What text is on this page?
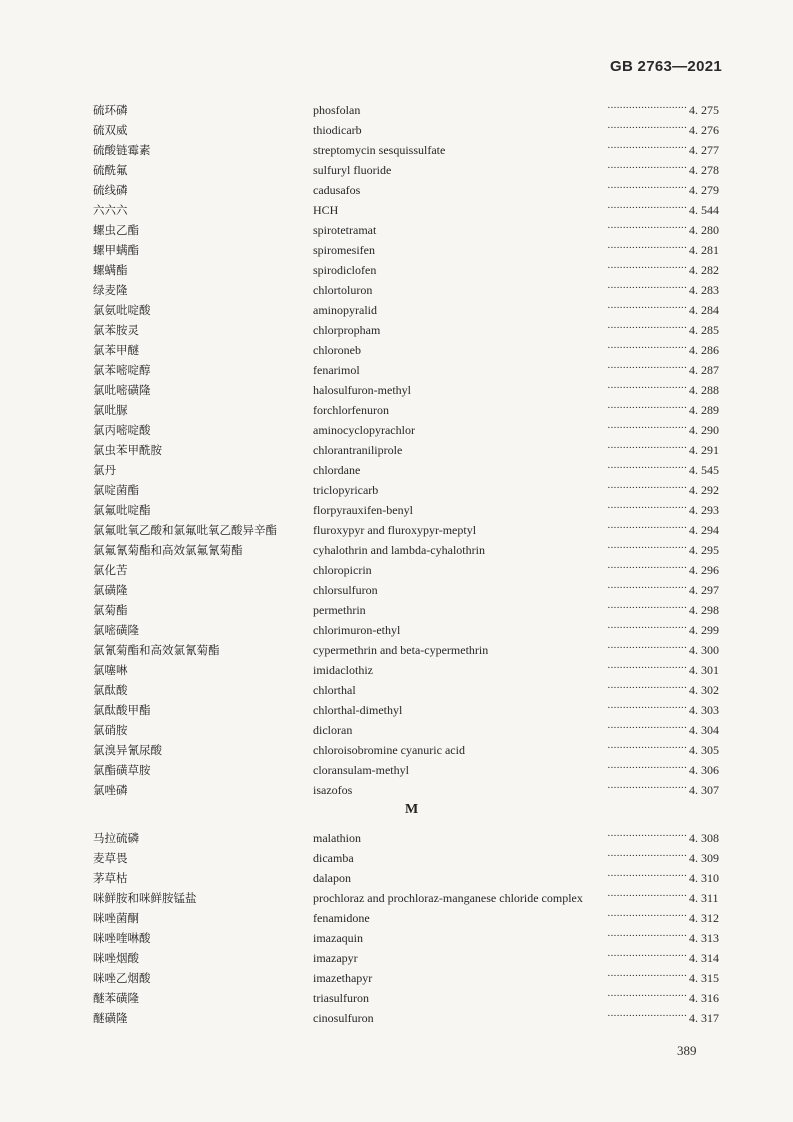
GB 2763—2021
硫环磷	phosfolan	·························· 4. 275
硫双威	thiodicarb	·························· 4. 276
硫酸链霉素	streptomycin sesquissulfate	·························· 4. 277
硫酰氟	sulfuryl fluoride	·························· 4. 278
硫线磷	cadusafos	·························· 4. 279
六六六	HCH	·························· 4. 544
螺虫乙酯	spirotetramat	·························· 4. 280
螺甲螨酯	spiromesifen	·························· 4. 281
螺螨酯	spirodiclofen	·························· 4. 282
绿麦隆	chlortoluron	·························· 4. 283
氯氨吡啶酸	aminopyralid	·························· 4. 284
氯苯胺灵	chlorpropham	·························· 4. 285
氯苯甲醚	chloroneb	·························· 4. 286
氯苯嘧啶醇	fenarimol	·························· 4. 287
氯吡嘧磺隆	halosulfuron-methyl	·························· 4. 288
氯吡脲	forchlorfenuron	·························· 4. 289
氯丙嘧啶酸	aminocyclopyrachlor	·························· 4. 290
氯虫苯甲酰胺	chlorantraniliprole	·························· 4. 291
氯丹	chlordane	·························· 4. 545
氯啶菌酯	triclopyricarb	·························· 4. 292
氯氟吡啶酯	florpyrauxifen-benyl	·························· 4. 293
氯氟吡氧乙酸和氯氟吡氧乙酸异辛酯	fluroxypyr and fluroxypyr-meptyl	·························· 4. 294
氯氟氰菊酯和高效氯氟氰菊酯	cyhalothrin and lambda-cyhalothrin	·························· 4. 295
氯化苦	chloropicrin	·························· 4. 296
氯磺隆	chlorsulfuron	·························· 4. 297
氯菊酯	permethrin	·························· 4. 298
氯嘧磺隆	chlorimuron-ethyl	·························· 4. 299
氯氰菊酯和高效氯氰菊酯	cypermethrin and beta-cypermethrin	·························· 4. 300
氯噻啉	imidaclothiz	·························· 4. 301
氯酞酸	chlorthal	·························· 4. 302
氯酞酸甲酯	chlorthal-dimethyl	·························· 4. 303
氯硝胺	dicloran	·························· 4. 304
氯溴异氰尿酸	chloroisobromine cyanuric acid	·························· 4. 305
氯酯磺草胺	cloransulam-methyl	·························· 4. 306
氯唑磷	isazofos	·························· 4. 307
M
马拉硫磷	malathion	·························· 4. 308
麦草畏	dicamba	·························· 4. 309
茅草枯	dalapon	·························· 4. 310
咪鲜胺和咪鲜胺锰盐	prochloraz and prochloraz-manganese chloride complex ·························· 4. 311
咪唑菌酮	fenamidone	·························· 4. 312
咪唑喹啉酸	imazaquin	·························· 4. 313
咪唑烟酸	imazapyr	·························· 4. 314
咪唑乙烟酸	imazethapyr	·························· 4. 315
醚苯磺隆	triasulfuron	·························· 4. 316
醚磺隆	cinosulfuron	·························· 4. 317
389
